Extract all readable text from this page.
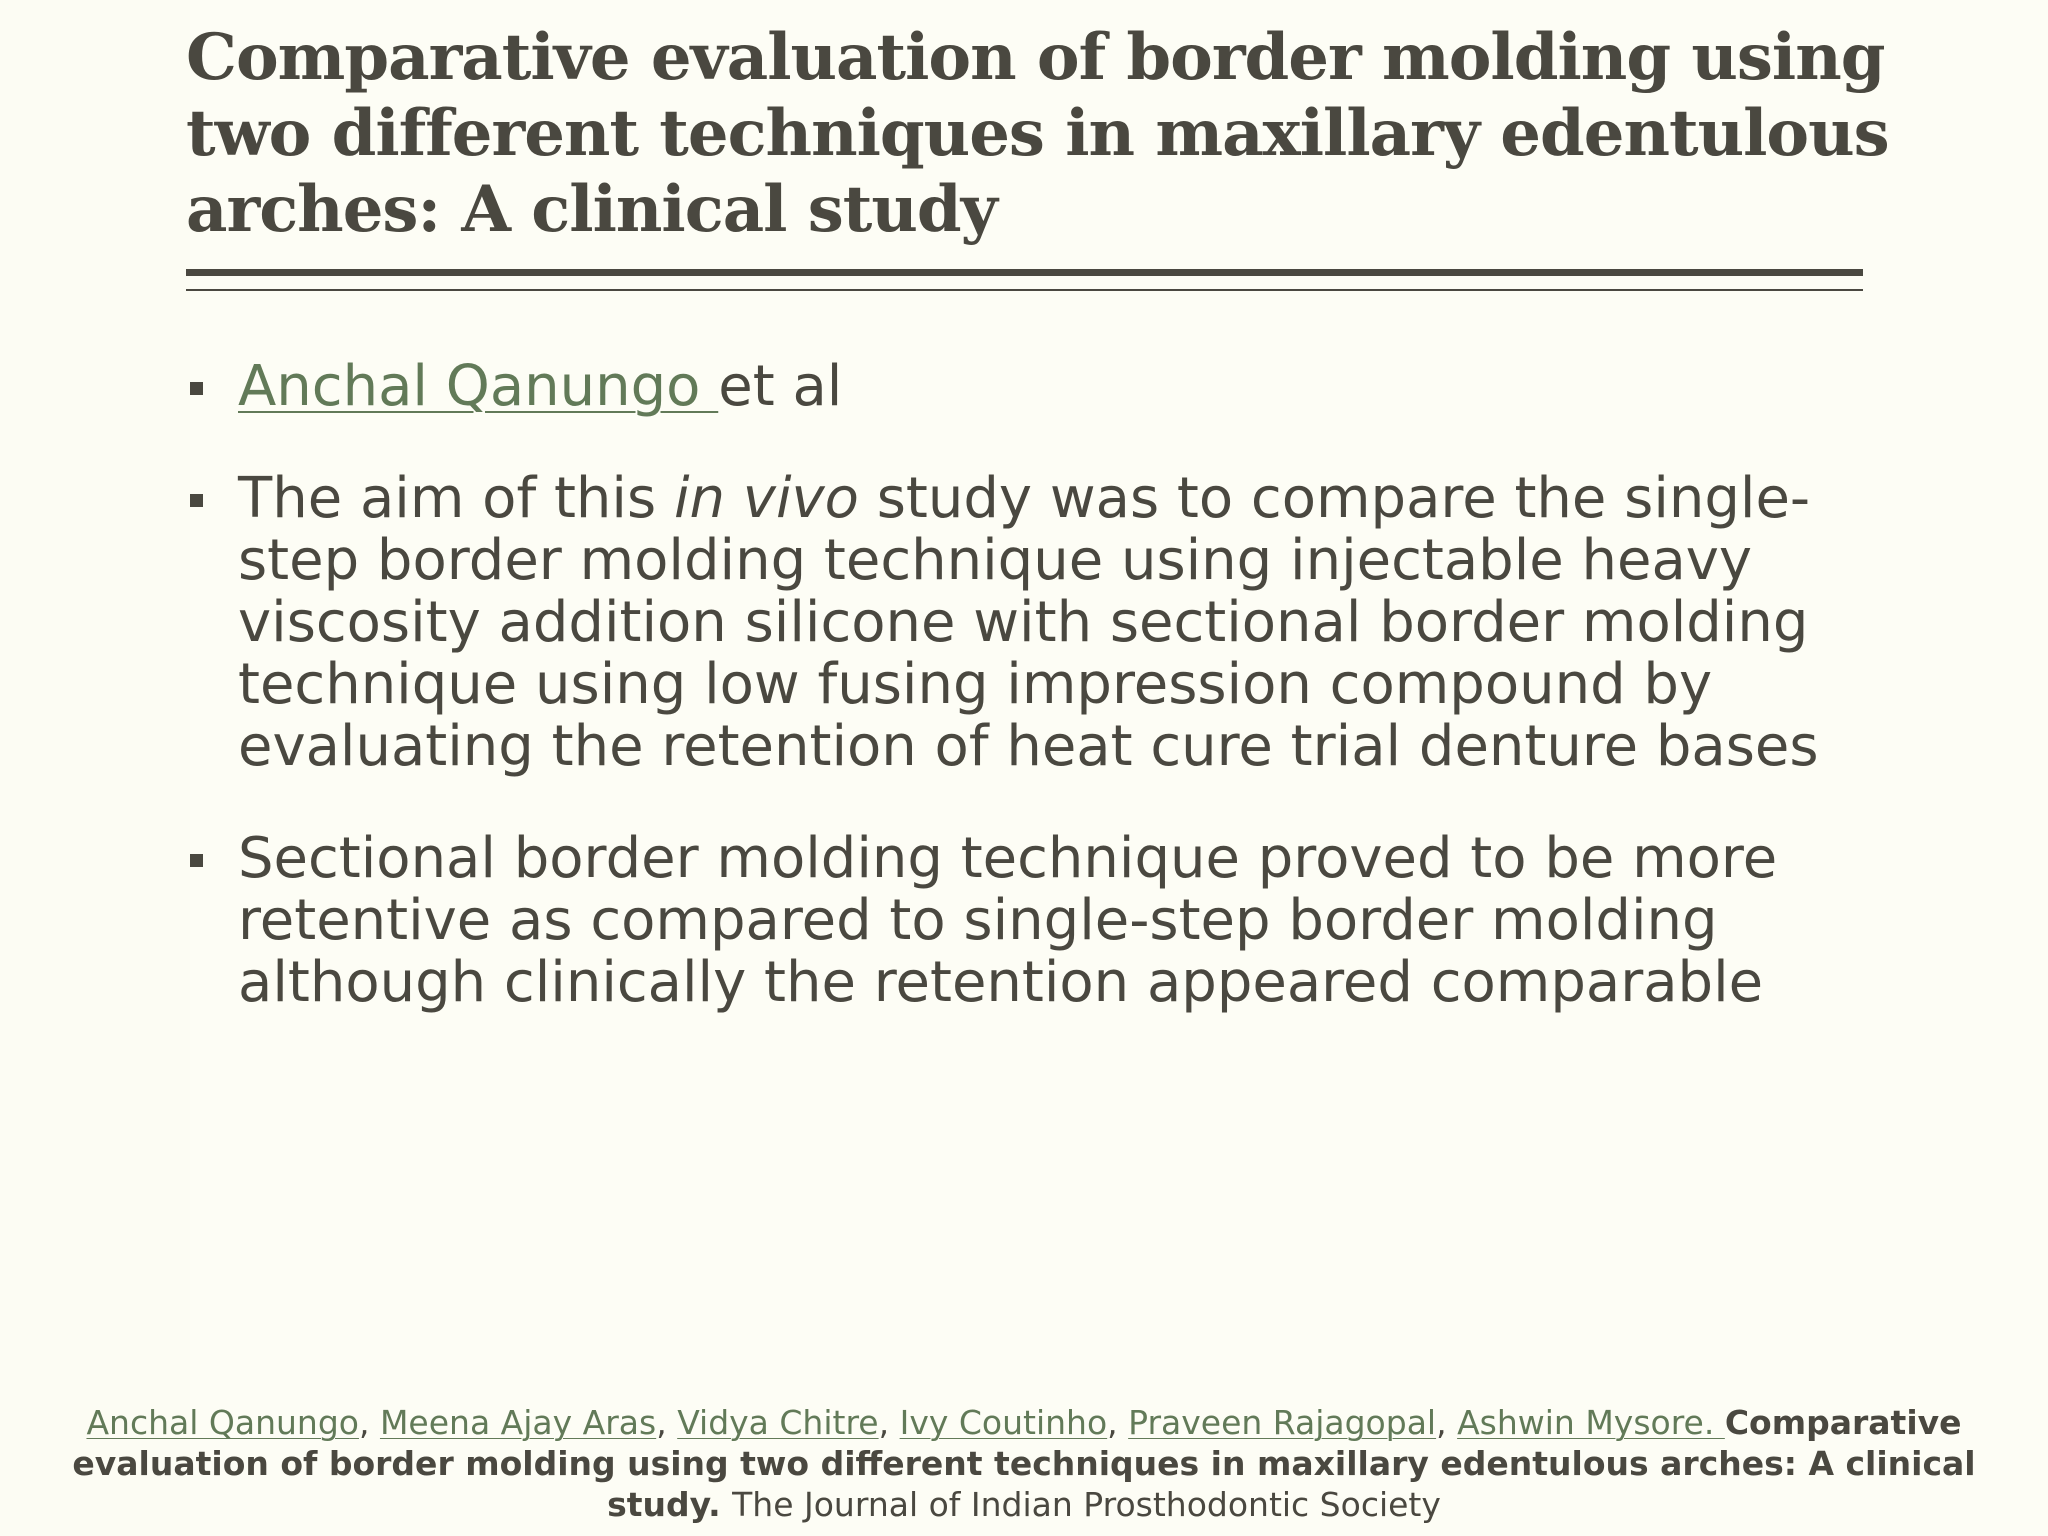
Comparative evaluation of border molding using two different techniques in maxillary edentulous arches: A clinical study
Anchal Qanungo et al
The aim of this in vivo study was to compare the single-step border molding technique using injectable heavy viscosity addition silicone with sectional border molding technique using low fusing impression compound by evaluating the retention of heat cure trial denture bases
Sectional border molding technique proved to be more retentive as compared to single-step border molding although clinically the retention appeared comparable
Anchal Qanungo, Meena Ajay Aras, Vidya Chitre, Ivy Coutinho, Praveen Rajagopal, Ashwin Mysore. Comparative evaluation of border molding using two different techniques in maxillary edentulous arches: A clinical study. The Journal of Indian Prosthodontic Society
